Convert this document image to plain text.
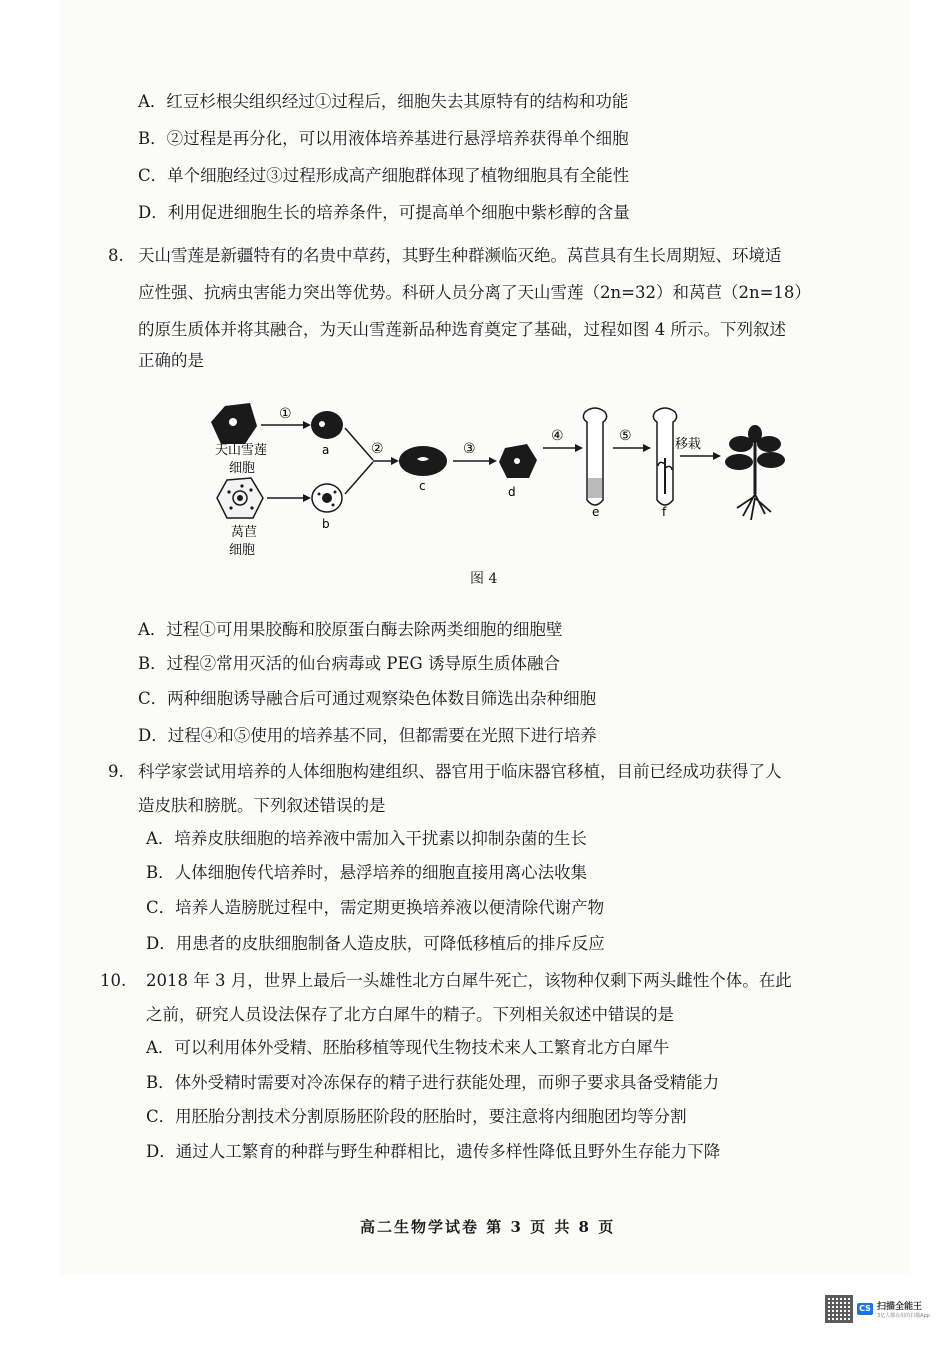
A．红豆杉根尖组织经过①过程后，细胞失去其原特有的结构和功能
B．②过程是再分化，可以用液体培养基进行悬浮培养获得单个细胞
C．单个细胞经过③过程形成高产细胞群体现了植物细胞具有全能性
D．利用促进细胞生长的培养条件，可提高单个细胞中紫杉醇的含量
8. 天山雪莲是新疆特有的名贵中草药，其野生种群濒临灭绝。莴苣具有生长周期短、环境适
应性强、抗病虫害能力突出等优势。科研人员分离了天山雪莲（2n=32）和莴苣（2n=18）
的原生质体并将其融合，为天山雪莲新品种选育奠定了基础，过程如图 4 所示。下列叙述
正确的是
天山雪莲
细胞
①
a
莴苣
细胞
b
②
c
③
d
④
e
⑤
f
移栽
图 4
A．过程①可用果胶酶和胶原蛋白酶去除两类细胞的细胞壁
B．过程②常用灭活的仙台病毒或 PEG 诱导原生质体融合
C．两种细胞诱导融合后可通过观察染色体数目筛选出杂种细胞
D．过程④和⑤使用的培养基不同，但都需要在光照下进行培养
9. 科学家尝试用培养的人体细胞构建组织、器官用于临床器官移植，目前已经成功获得了人
造皮肤和膀胱。下列叙述错误的是
A．培养皮肤细胞的培养液中需加入干扰素以抑制杂菌的生长
B．人体细胞传代培养时，悬浮培养的细胞直接用离心法收集
C．培养人造膀胱过程中，需定期更换培养液以便清除代谢产物
D．用患者的皮肤细胞制备人造皮肤，可降低移植后的排斥反应
10. 2018 年 3 月，世界上最后一头雄性北方白犀牛死亡，该物种仅剩下两头雌性个体。在此
之前，研究人员设法保存了北方白犀牛的精子。下列相关叙述中错误的是
A．可以利用体外受精、胚胎移植等现代生物技术来人工繁育北方白犀牛
B．体外受精时需要对冷冻保存的精子进行获能处理，而卵子要求具备受精能力
C．用胚胎分割技术分割原肠胚阶段的胚胎时，要注意将内细胞团均等分割
D．通过人工繁育的种群与野生种群相比，遗传多样性降低且野外生存能力下降
高二生物学试卷 第 3 页 共 8 页
CS 扫描全能王
3亿人都在用的扫描App
